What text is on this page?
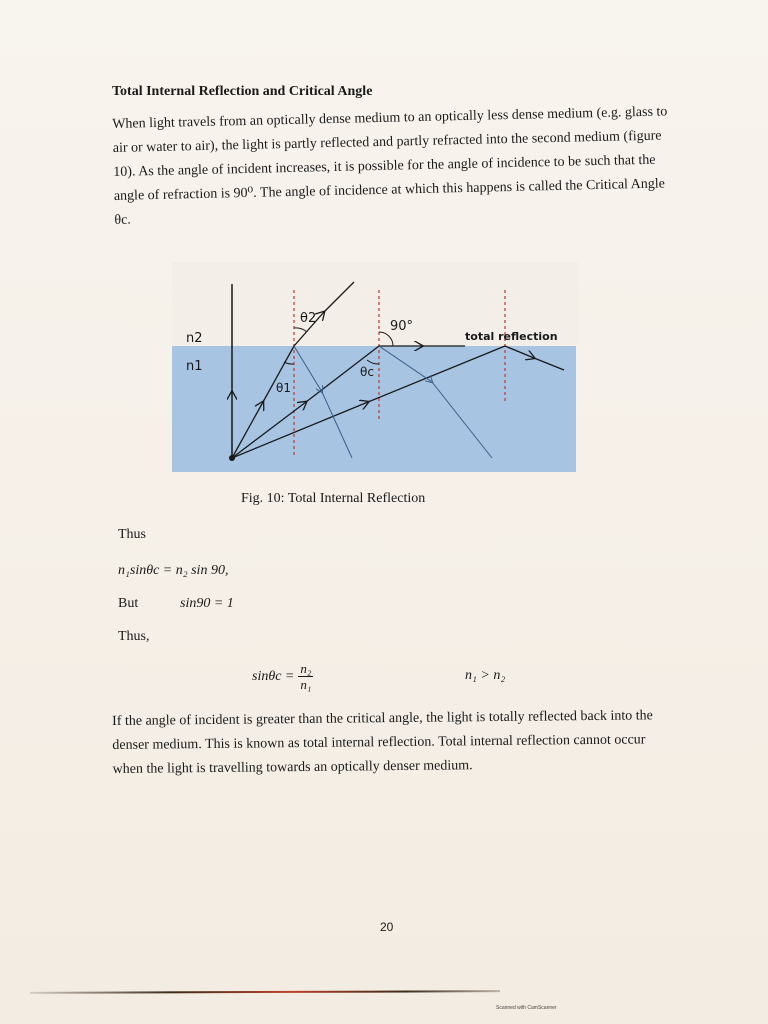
Total Internal Reflection and Critical Angle

When light travels from an optically dense medium to an optically less dense medium (e.g. glass to air or water to air), the light is partly reflected and partly refracted into the second medium (figure 10). As the angle of incident increases, it is possible for the angle of incidence to be such that the angle of refraction is 90⁰. The angle of incidence at which this happens is called the Critical Angle θc.

n2
n1
θ2
θ1
θc
90°
total reflection
Fig. 10: Total Internal Reflection
Thus
n₁sinθc = n₂ sin 90,
But	sin90 = 1
Thus,
$\sin\theta c = \frac{\text{n₂}}{\text{n₁}}$	n₁ > n₂

If the angle of incident is greater than the critical angle, the light is totally reflected back into the denser medium. This is known as total internal reflection. Total internal reflection cannot occur when the light is travelling towards an optically denser medium.

20
Scanned with CamScanner
